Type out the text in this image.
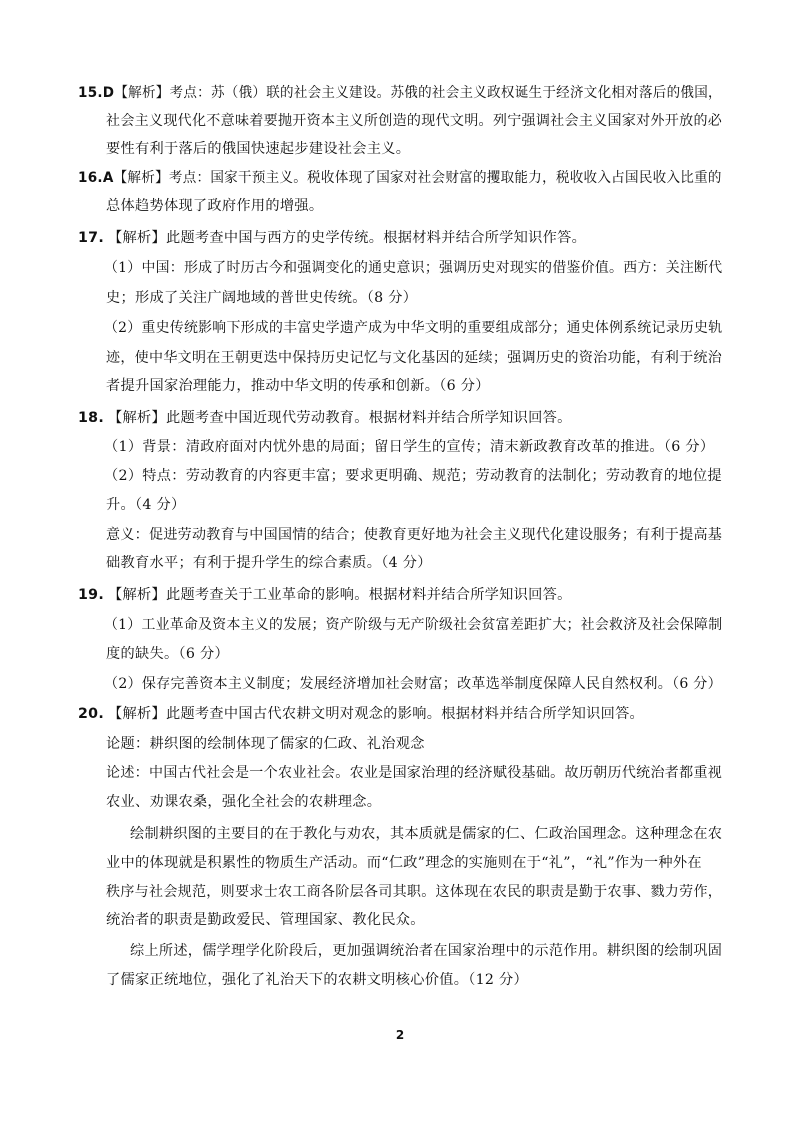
15.D【解析】考点：苏（俄）联的社会主义建设。苏俄的社会主义政权诞生于经济文化相对落后的俄国，
社会主义现代化不意味着要抛开资本主义所创造的现代文明。列宁强调社会主义国家对外开放的必
要性有利于落后的俄国快速起步建设社会主义。
16.A【解析】考点：国家干预主义。税收体现了国家对社会财富的攫取能力，税收收入占国民收入比重的
总体趋势体现了政府作用的增强。
17. 【解析】此题考查中国与西方的史学传统。根据材料并结合所学知识作答。
（1）中国：形成了时历古今和强调变化的通史意识；强调历史对现实的借鉴价值。西方：关注断代
史；形成了关注广阔地域的普世史传统。（8 分）
（2）重史传统影响下形成的丰富史学遗产成为中华文明的重要组成部分；通史体例系统记录历史轨
迹，使中华文明在王朝更迭中保持历史记忆与文化基因的延续；强调历史的资治功能，有利于统治
者提升国家治理能力，推动中华文明的传承和创新。（6 分）
18. 【解析】此题考查中国近现代劳动教育。根据材料并结合所学知识回答。
（1）背景：清政府面对内忧外患的局面；留日学生的宣传；清末新政教育改革的推进。（6 分）
（2）特点：劳动教育的内容更丰富；要求更明确、规范；劳动教育的法制化；劳动教育的地位提
升。（4 分）
意义：促进劳动教育与中国国情的结合；使教育更好地为社会主义现代化建设服务；有利于提高基
础教育水平；有利于提升学生的综合素质。（4 分）
19. 【解析】此题考查关于工业革命的影响。根据材料并结合所学知识回答。
（1）工业革命及资本主义的发展；资产阶级与无产阶级社会贫富差距扩大；社会救济及社会保障制
度的缺失。（6 分）
（2）保存完善资本主义制度；发展经济增加社会财富；改革选举制度保障人民自然权利。（6 分）
20. 【解析】此题考查中国古代农耕文明对观念的影响。根据材料并结合所学知识回答。
论题：耕织图的绘制体现了儒家的仁政、礼治观念
论述：中国古代社会是一个农业社会。农业是国家治理的经济赋役基础。故历朝历代统治者都重视
农业、劝课农桑，强化全社会的农耕理念。
绘制耕织图的主要目的在于教化与劝农，其本质就是儒家的仁、仁政治国理念。这种理念在农
业中的体现就是积累性的物质生产活动。而“仁政”理念的实施则在于“礼”，“礼”作为一种外在
秩序与社会规范，则要求士农工商各阶层各司其职。这体现在农民的职责是勤于农事、戮力劳作，
统治者的职责是勤政爱民、管理国家、教化民众。
综上所述，儒学理学化阶段后，更加强调统治者在国家治理中的示范作用。耕织图的绘制巩固
了儒家正统地位，强化了礼治天下的农耕文明核心价值。（12 分）
2
